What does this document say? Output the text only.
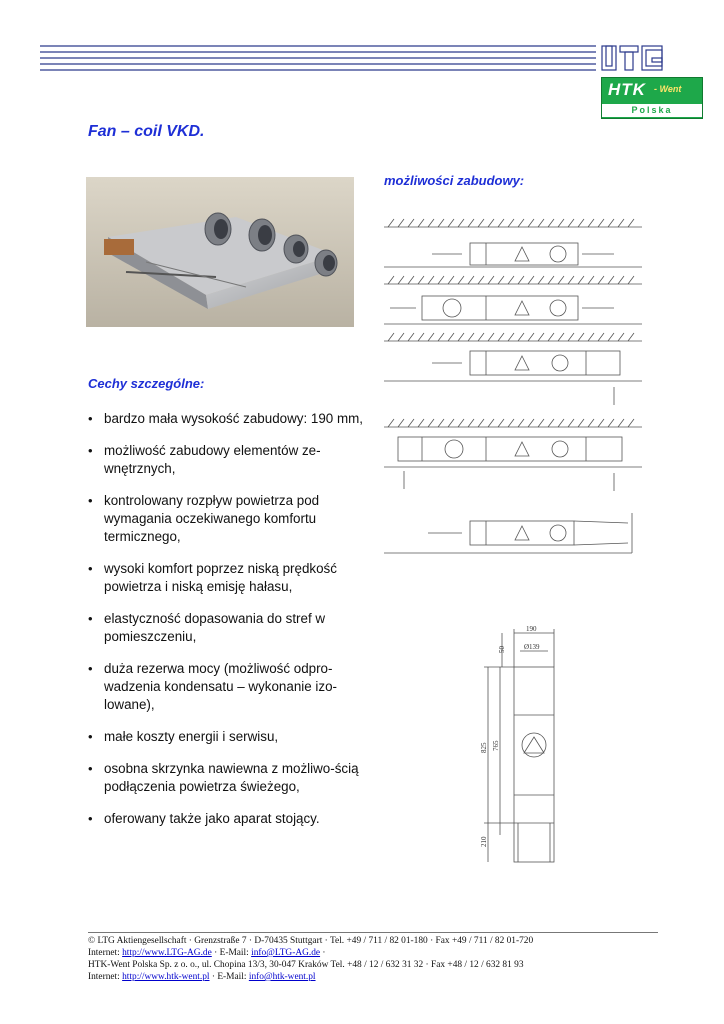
HTK - Went
Polska
Fan – coil VKD.
możliwości zabudowy:
Cechy szczególne:
• bardzo mała wysokość zabudowy: 190 mm,
• możliwość zabudowy elementów ze-wnętrznych,
• kontrolowany rozpływ powietrza pod wymagania oczekiwanego komfortu termicznego,
• wysoki komfort poprzez niską prędkość powietrza i niską emisję hałasu,
• elastyczność dopasowania do stref w pomieszczeniu,
• duża rezerwa mocy (możliwość odpro-wadzenia kondensatu – wykonanie izo-lowane),
• małe koszty energii i serwisu,
• osobna skrzynka nawiewna z możliwo-ścią podłączenia powietrza świeżego,
• oferowany także jako aparat stojący.
190
Ø139
50
825 765
210
© LTG Aktiengesellschaft · Grenzstraße 7 · D-70435 Stuttgart · Tel. +49 / 711 / 82 01-180 · Fax +49 / 711 / 82 01-720
Internet: http://www.LTG-AG.de · E-Mail: info@LTG-AG.de ·
HTK-Went Polska Sp. z o. o., ul. Chopina 13/3, 30-047 Kraków Tel. +48 / 12 / 632 31 32 · Fax +48 / 12 / 632 81 93
Internet: http://www.htk-went.pl · E-Mail: info@htk-went.pl
